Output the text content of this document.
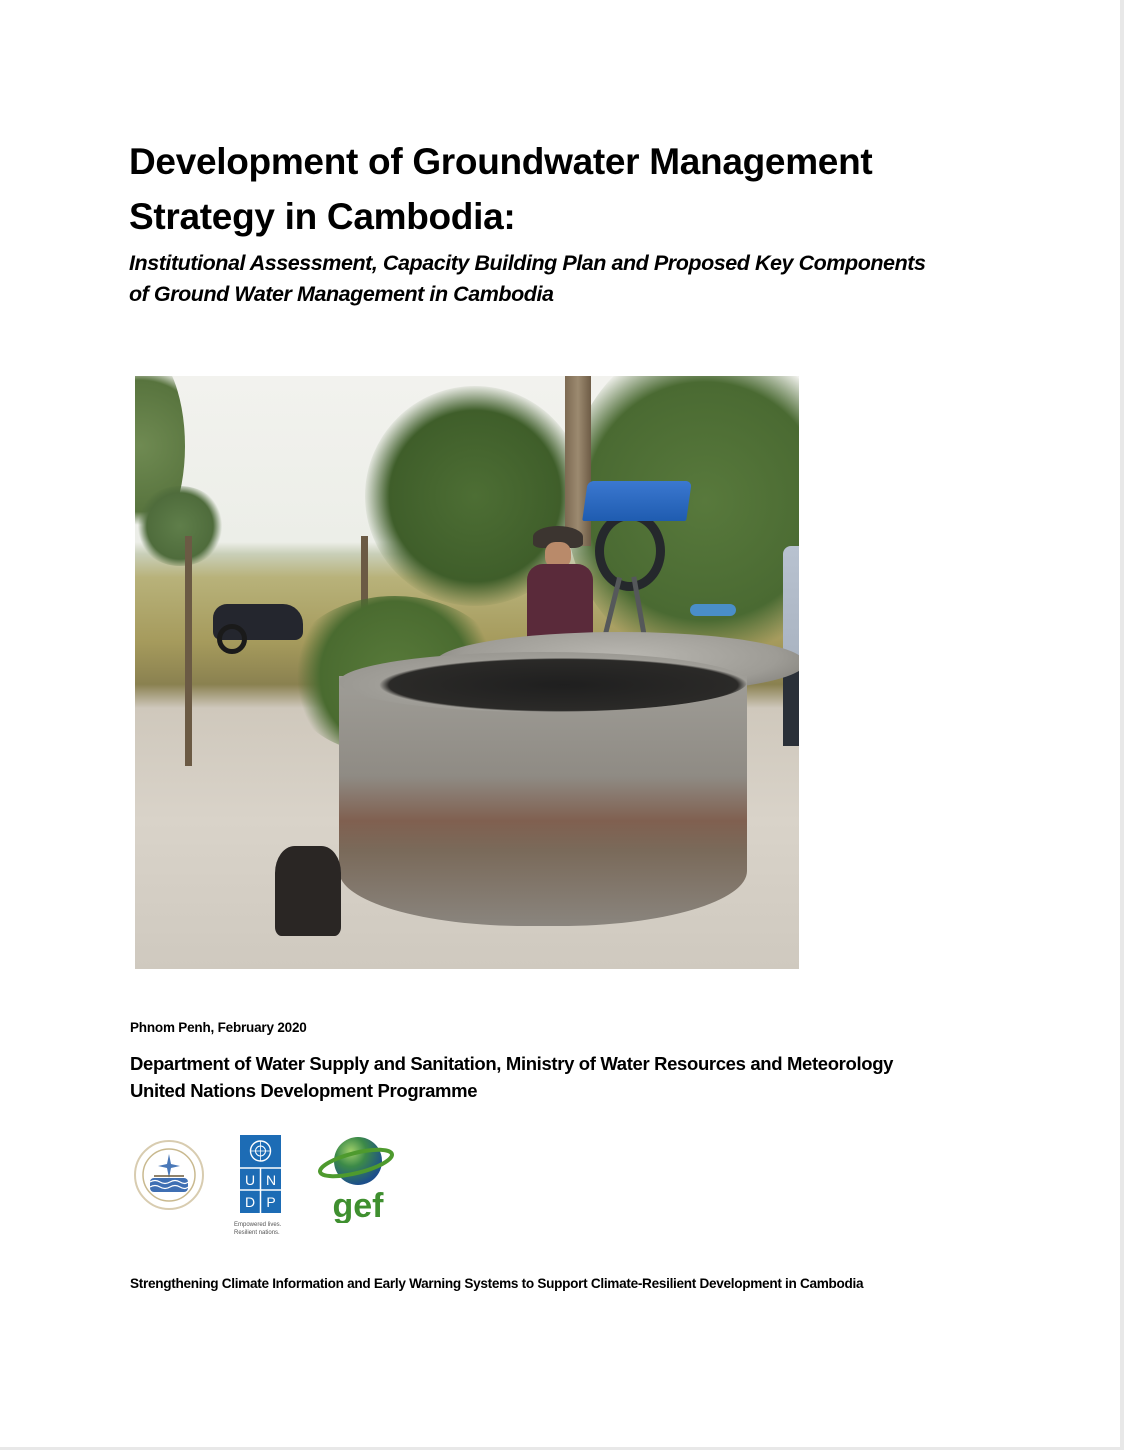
Development of Groundwater Management
Strategy in Cambodia:
Institutional Assessment, Capacity Building Plan and Proposed Key Components
of Ground Water Management in Cambodia
Phnom Penh, February 2020
Department of Water Supply and Sanitation, Ministry of Water Resources and Meteorology
United Nations Development Programme
U N
D P
Empowered lives.
Resilient nations.
gef
Strengthening Climate Information and Early Warning Systems to Support Climate-Resilient Development in Cambodia
